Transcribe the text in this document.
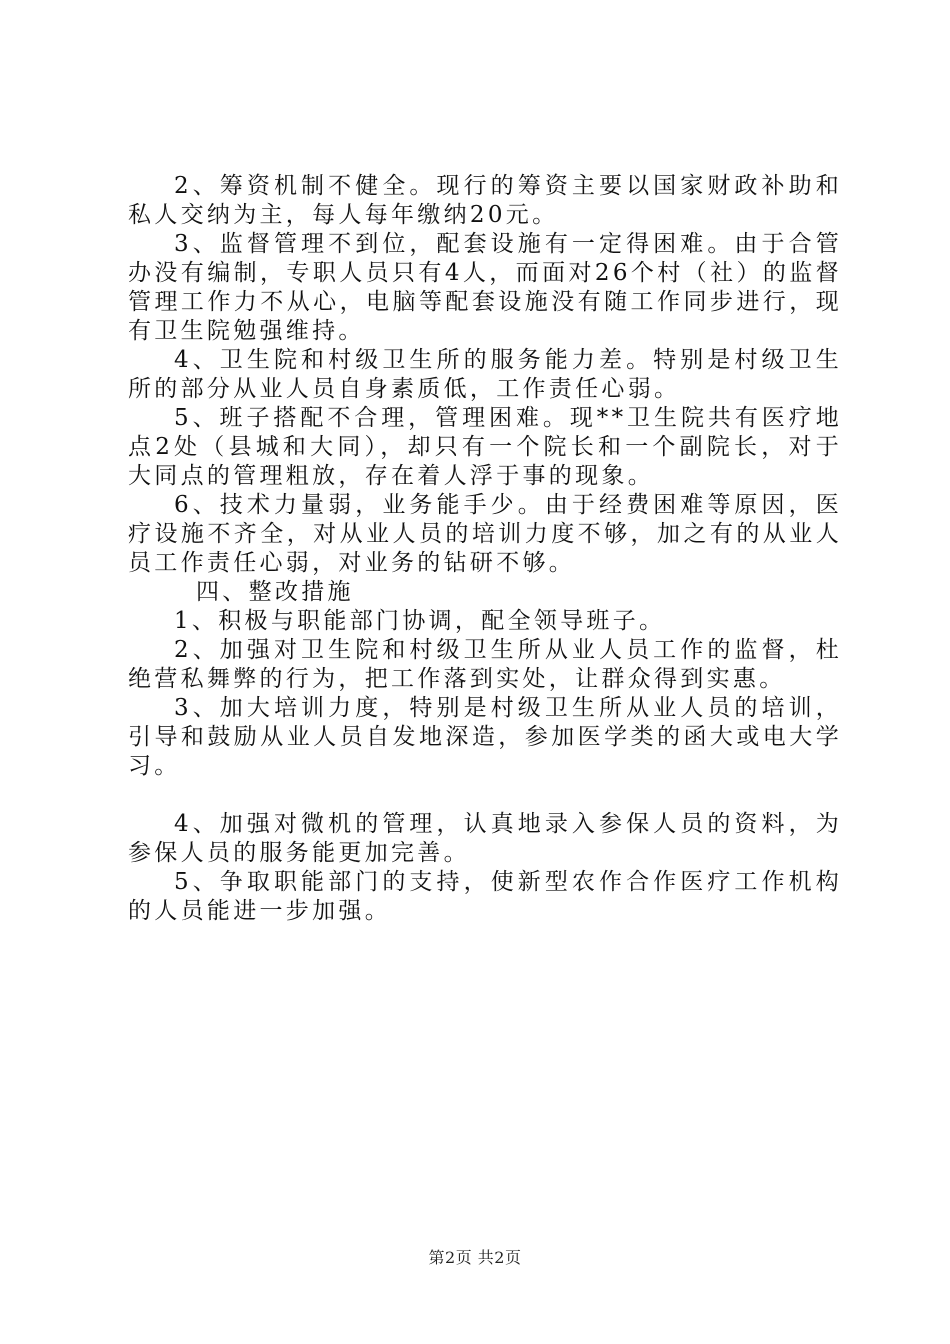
2、筹资机制不健全。现行的筹资主要以国家财政补助和私人交纳为主，每人每年缴纳20元。

3、监督管理不到位，配套设施有一定得困难。由于合管办没有编制，专职人员只有4人，而面对26个村（社）的监督管理工作力不从心，电脑等配套设施没有随工作同步进行，现有卫生院勉强维持。

4、卫生院和村级卫生所的服务能力差。特别是村级卫生所的部分从业人员自身素质低，工作责任心弱。

5、班子搭配不合理，管理困难。现**卫生院共有医疗地点2处（县城和大同），却只有一个院长和一个副院长，对于大同点的管理粗放，存在着人浮于事的现象。

6、技术力量弱，业务能手少。由于经费困难等原因，医疗设施不齐全，对从业人员的培训力度不够，加之有的从业人员工作责任心弱，对业务的钻研不够。

四、整改措施

1、积极与职能部门协调，配全领导班子。

2、加强对卫生院和村级卫生所从业人员工作的监督，杜绝营私舞弊的行为，把工作落到实处，让群众得到实惠。

3、加大培训力度，特别是村级卫生所从业人员的培训，引导和鼓励从业人员自发地深造，参加医学类的函大或电大学习。

4、加强对微机的管理，认真地录入参保人员的资料，为参保人员的服务能更加完善。

5、争取职能部门的支持，使新型农作合作医疗工作机构的人员能进一步加强。

第2页 共2页
